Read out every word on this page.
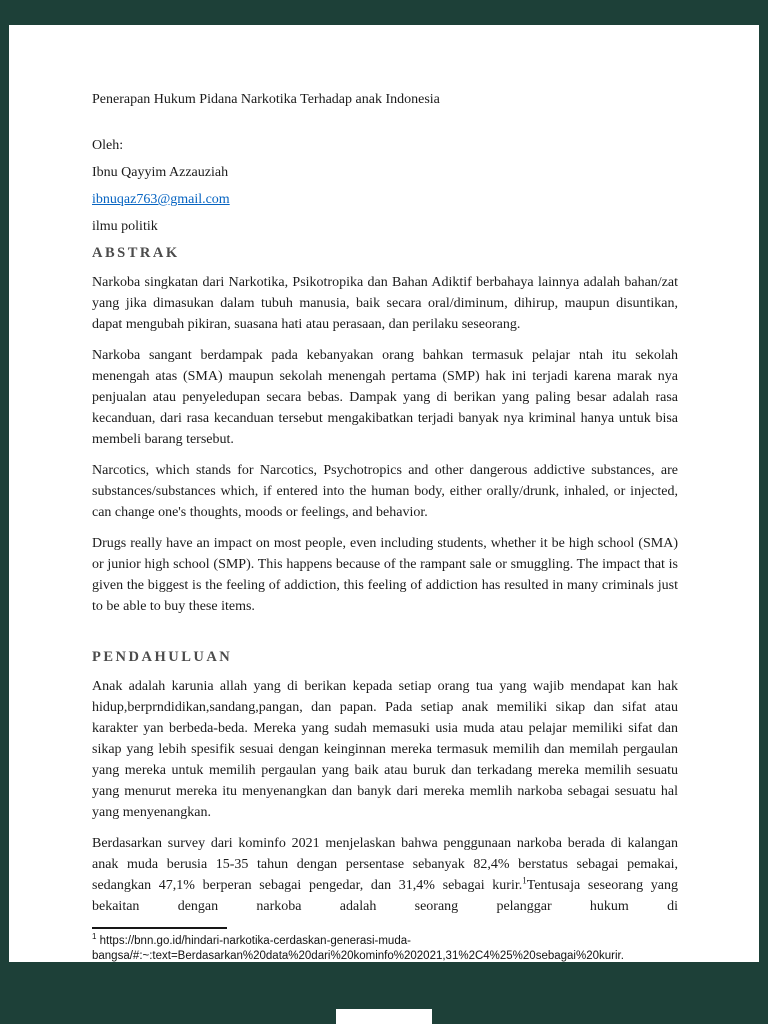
Penerapan Hukum Pidana Narkotika Terhadap anak Indonesia

Oleh:

Ibnu Qayyim Azzauziah

ibnuqaz763@gmail.com

ilmu politik

ABSTRAK

Narkoba singkatan dari Narkotika, Psikotropika dan Bahan Adiktif berbahaya lainnya adalah bahan/zat yang jika dimasukan dalam tubuh manusia, baik secara oral/diminum, dihirup, maupun disuntikan, dapat mengubah pikiran, suasana hati atau perasaan, dan perilaku seseorang.

Narkoba sangant berdampak pada kebanyakan orang bahkan termasuk pelajar ntah itu sekolah menengah atas (SMA) maupun sekolah menengah pertama (SMP) hak ini terjadi karena marak nya penjualan atau penyeledupan secara bebas. Dampak yang di berikan yang paling besar adalah rasa kecanduan, dari rasa kecanduan tersebut mengakibatkan terjadi banyak nya kriminal hanya untuk bisa membeli barang tersebut.

Narcotics, which stands for Narcotics, Psychotropics and other dangerous addictive substances, are substances/substances which, if entered into the human body, either orally/drunk, inhaled, or injected, can change one's thoughts, moods or feelings, and behavior.

Drugs really have an impact on most people, even including students, whether it be high school (SMA) or junior high school (SMP). This happens because of the rampant sale or smuggling. The impact that is given the biggest is the feeling of addiction, this feeling of addiction has resulted in many criminals just to be able to buy these items.

PENDAHULUAN

Anak adalah karunia allah yang di berikan kepada setiap orang tua yang wajib mendapat kan hak hidup,berprndidikan,sandang,pangan, dan papan. Pada setiap anak memiliki sikap dan sifat atau karakter yan berbeda-beda. Mereka yang sudah memasuki usia muda atau pelajar memiliki sifat dan sikap yang lebih spesifik sesuai dengan keinginnan mereka termasuk memilih dan memilah pergaulan yang mereka untuk memilih pergaulan yang baik atau buruk dan terkadang mereka memilih sesuatu yang menurut mereka itu menyenangkan dan banyk dari mereka memlih narkoba sebagai sesuatu hal yang menyenangkan.

Berdasarkan survey dari kominfo 2021 menjelaskan bahwa penggunaan narkoba berada di kalangan anak muda berusia 15-35 tahun dengan persentase sebanyak 82,4% berstatus sebagai pemakai, sedangkan 47,1% berperan sebagai pengedar, dan 31,4% sebagai kurir.$^1$Tentusaja seseorang yang bekaitan dengan narkoba adalah seorang pelanggar hukum di

$^1$ https://bnn.go.id/hindari-narkotika-cerdaskan-generasi-muda-bangsa/#:~:text=Berdasarkan%20data%20dari%20kominfo%202021,31%2C4%25%20sebagai%20kurir.
